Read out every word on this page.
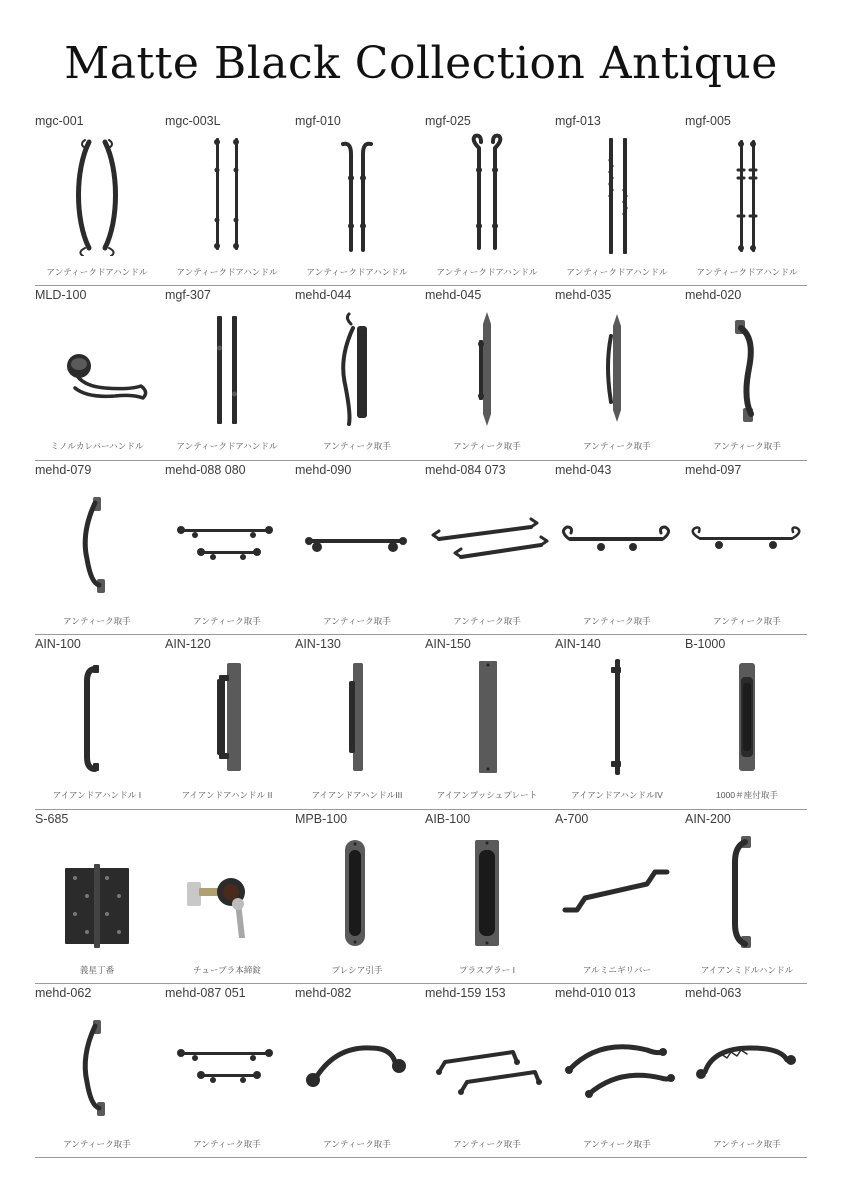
Matte Black Collection Antique
mgc-001
アンティークドアハンドル
mgc-003L
アンティークドアハンドル
mgf-010
アンティークドアハンドル
mgf-025
アンティークドアハンドル
mgf-013
アンティークドアハンドル
mgf-005
アンティークドアハンドル
MLD-100
ミノルカレバーハンドル
mgf-307
アンティークドアハンドル
mehd-044
アンティーク取手
mehd-045
アンティーク取手
mehd-035
アンティーク取手
mehd-020
アンティーク取手
mehd-079
アンティーク取手
mehd-088 080
アンティーク取手
mehd-090
アンティーク取手
mehd-084 073
アンティーク取手
mehd-043
アンティーク取手
mehd-097
アンティーク取手
AIN-100
アイアンドアハンドル I
AIN-120
アイアンドアハンドル II
AIN-130
アイアンドアハンドルIII
AIN-150
アイアンプッシュプレート
AIN-140
アイアンドアハンドルIV
B-1000
1000＃座付取手
S-685
義星丁番	チューブラ本締錠
MPB-100
プレシア引手
AIB-100
プラスプラー I
A-700
アルミニギリバー
AIN-200
アイアンミドルハンドル
mehd-062
アンティーク取手
mehd-087 051
アンティーク取手
mehd-082
アンティーク取手
mehd-159 153
アンティーク取手
mehd-010 013
アンティーク取手
mehd-063
アンティーク取手
